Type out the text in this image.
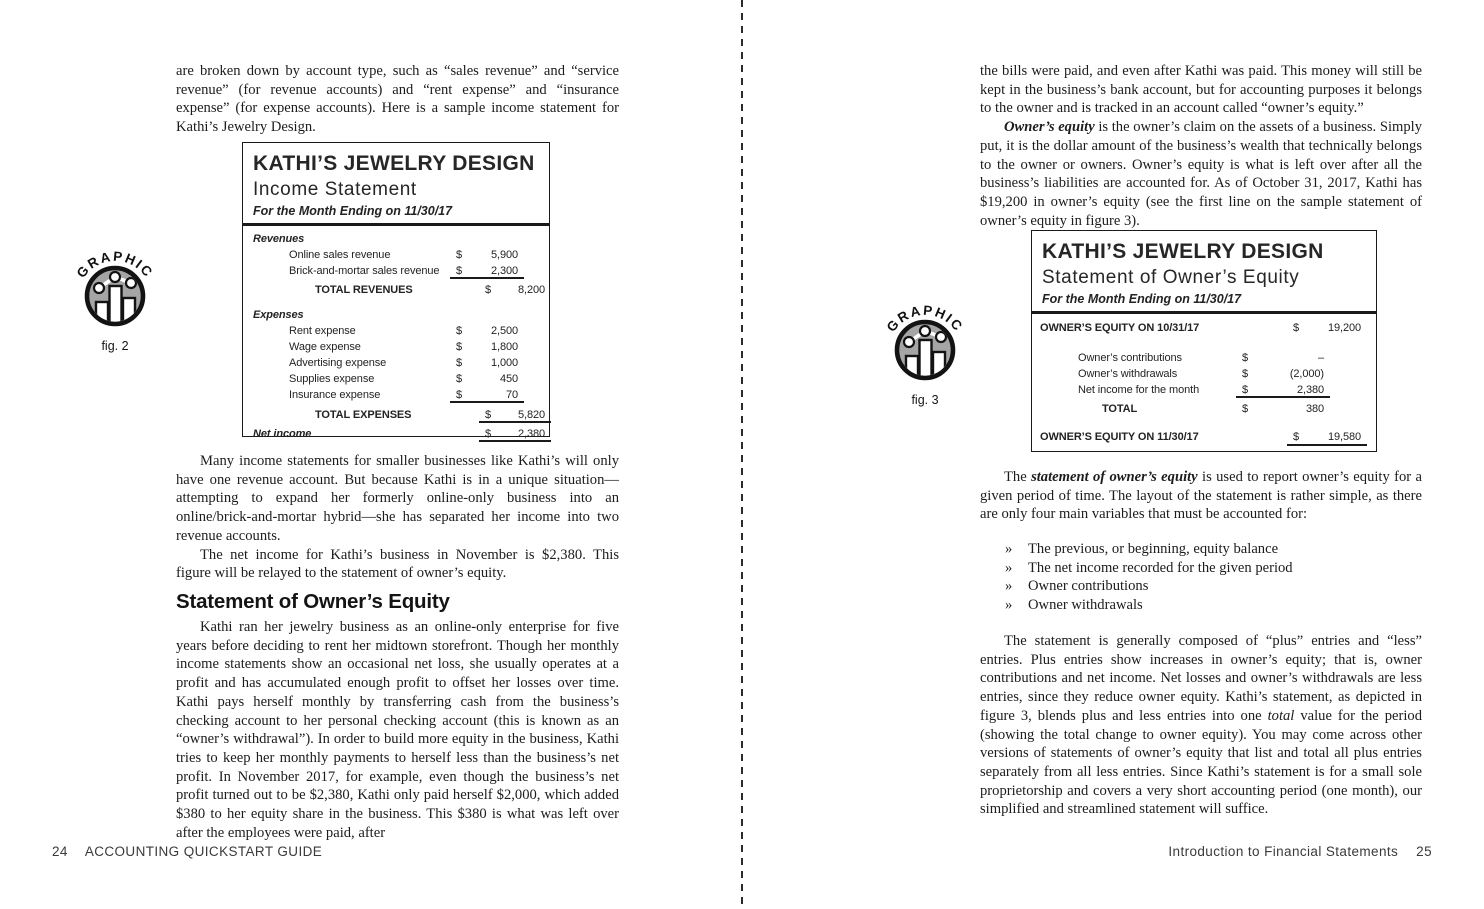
are broken down by account type, such as “sales revenue” and “service revenue” (for revenue accounts) and “rent expense” and “insurance expense” (for expense accounts). Here is a sample income statement for Kathi’s Jewelry Design.

GRAPHIC
fig. 2
KATHI’S JEWELRY DESIGN
Income Statement
For the Month Ending on 11/30/17
Revenues
Online sales revenue	$	5,900
Brick-and-mortar sales revenue $	2,300
TOTAL REVENUES	$ 8,200
Expenses
Rent expense	$	2,500
Wage expense	$	1,800
Advertising expense	$	1,000
Supplies expense	$	450
Insurance expense	$	70
TOTAL EXPENSES	$ 5,820
Net income	$ 2,380

Many income statements for smaller businesses like Kathi’s will only have one revenue account. But because Kathi is in a unique situation—attempting to expand her formerly online-only business into an online/brick-and-mortar hybrid—she has separated her income into two revenue accounts.

The net income for Kathi’s business in November is $2,380. This figure will be relayed to the statement of owner’s equity.

Statement of Owner’s Equity

Kathi ran her jewelry business as an online-only enterprise for five years before deciding to rent her midtown storefront. Though her monthly income statements show an occasional net loss, she usually operates at a profit and has accumulated enough profit to offset her losses over time. Kathi pays herself monthly by transferring cash from the business’s checking account to her personal checking account (this is known as an “owner’s withdrawal”). In order to build more equity in the business, Kathi tries to keep her monthly payments to herself less than the business’s net profit. In November 2017, for example, even though the business’s net profit turned out to be $2,380, Kathi only paid herself $2,000, which added $380 to her equity share in the business. This $380 is what was left over after the employees were paid, after

24 ACCOUNTING QUICKSTART GUIDE

the bills were paid, and even after Kathi was paid. This money will still be kept in the business’s bank account, but for accounting purposes it belongs to the owner and is tracked in an account called “owner’s equity.”

Owner’s equity is the owner’s claim on the assets of a business. Simply put, it is the dollar amount of the business’s wealth that technically belongs to the owner or owners. Owner’s equity is what is left over after all the business’s liabilities are accounted for. As of October 31, 2017, Kathi has $19,200 in owner’s equity (see the first line on the sample statement of owner’s equity in figure 3).

GRAPHIC
fig. 3
KATHI’S JEWELRY DESIGN
Statement of Owner’s Equity
For the Month Ending on 11/30/17
OWNER’S EQUITY ON 10/31/17	$	19,200
Owner’s contributions	$	–
Owner’s withdrawals	$	(2,000)
Net income for the month	$	2,380
TOTAL	$	380
OWNER’S EQUITY ON 11/30/17	$	19,580

The statement of owner’s equity is used to report owner’s equity for a given period of time. The layout of the statement is rather simple, as there are only four main variables that must be accounted for:

» The previous, or beginning, equity balance
» The net income recorded for the given period
» Owner contributions
» Owner withdrawals

The statement is generally composed of “plus” entries and “less” entries. Plus entries show increases in owner’s equity; that is, owner contributions and net income. Net losses and owner’s withdrawals are less entries, since they reduce owner equity. Kathi’s statement, as depicted in figure 3, blends plus and less entries into one total value for the period (showing the total change to owner equity). You may come across other versions of statements of owner’s equity that list and total all plus entries separately from all less entries. Since Kathi’s statement is for a small sole proprietorship and covers a very short accounting period (one month), our simplified and streamlined statement will suffice.

Introduction to Financial Statements 25
